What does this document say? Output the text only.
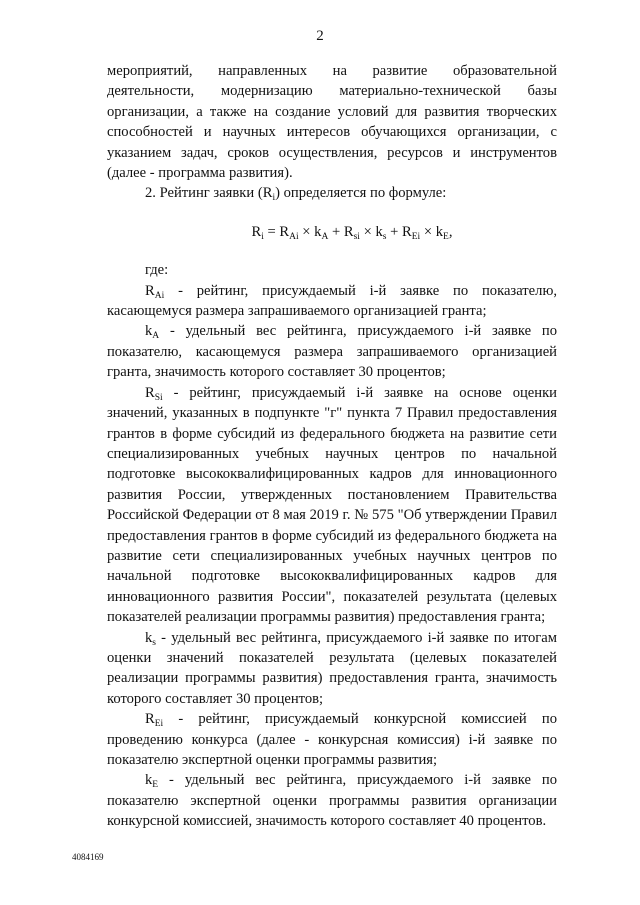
2

мероприятий, направленных на развитие образовательной деятельности, модернизацию материально-технической базы организации, а также на создание условий для развития творческих способностей и научных интересов обучающихся организации, с указанием задач, сроков осуществления, ресурсов и инструментов (далее - программа развития).

2. Рейтинг заявки $(R_i)$ определяется по формуле:

$R_i = R_{Ai} \times k_A + R_{si} \times k_s + R_{Ei} \times k_E$,

где:

$R_{Ai}$ - рейтинг, присуждаемый i-й заявке по показателю, касающемуся размера запрашиваемого организацией гранта;

$k_A$ - удельный вес рейтинга, присуждаемого i-й заявке по показателю, касающемуся размера запрашиваемого организацией гранта, значимость которого составляет 30 процентов;

$R_{Si}$ - рейтинг, присуждаемый i-й заявке на основе оценки значений, указанных в подпункте "г" пункта 7 Правил предоставления грантов в форме субсидий из федерального бюджета на развитие сети специализированных учебных научных центров по начальной подготовке высококвалифицированных кадров для инновационного развития России, утвержденных постановлением Правительства Российской Федерации от 8 мая 2019 г. № 575 "Об утверждении Правил предоставления грантов в форме субсидий из федерального бюджета на развитие сети специализированных учебных научных центров по начальной подготовке высококвалифицированных кадров для инновационного развития России", показателей результата (целевых показателей реализации программы развития) предоставления гранта;

$k_s$ - удельный вес рейтинга, присуждаемого i-й заявке по итогам оценки значений показателей результата (целевых показателей реализации программы развития) предоставления гранта, значимость которого составляет 30 процентов;

$R_{Ei}$ - рейтинг, присуждаемый конкурсной комиссией по проведению конкурса (далее - конкурсная комиссия) i-й заявке по показателю экспертной оценки программы развития;

$k_E$ - удельный вес рейтинга, присуждаемого i-й заявке по показателю экспертной оценки программы развития организации конкурсной комиссией, значимость которого составляет 40 процентов.

4084169
